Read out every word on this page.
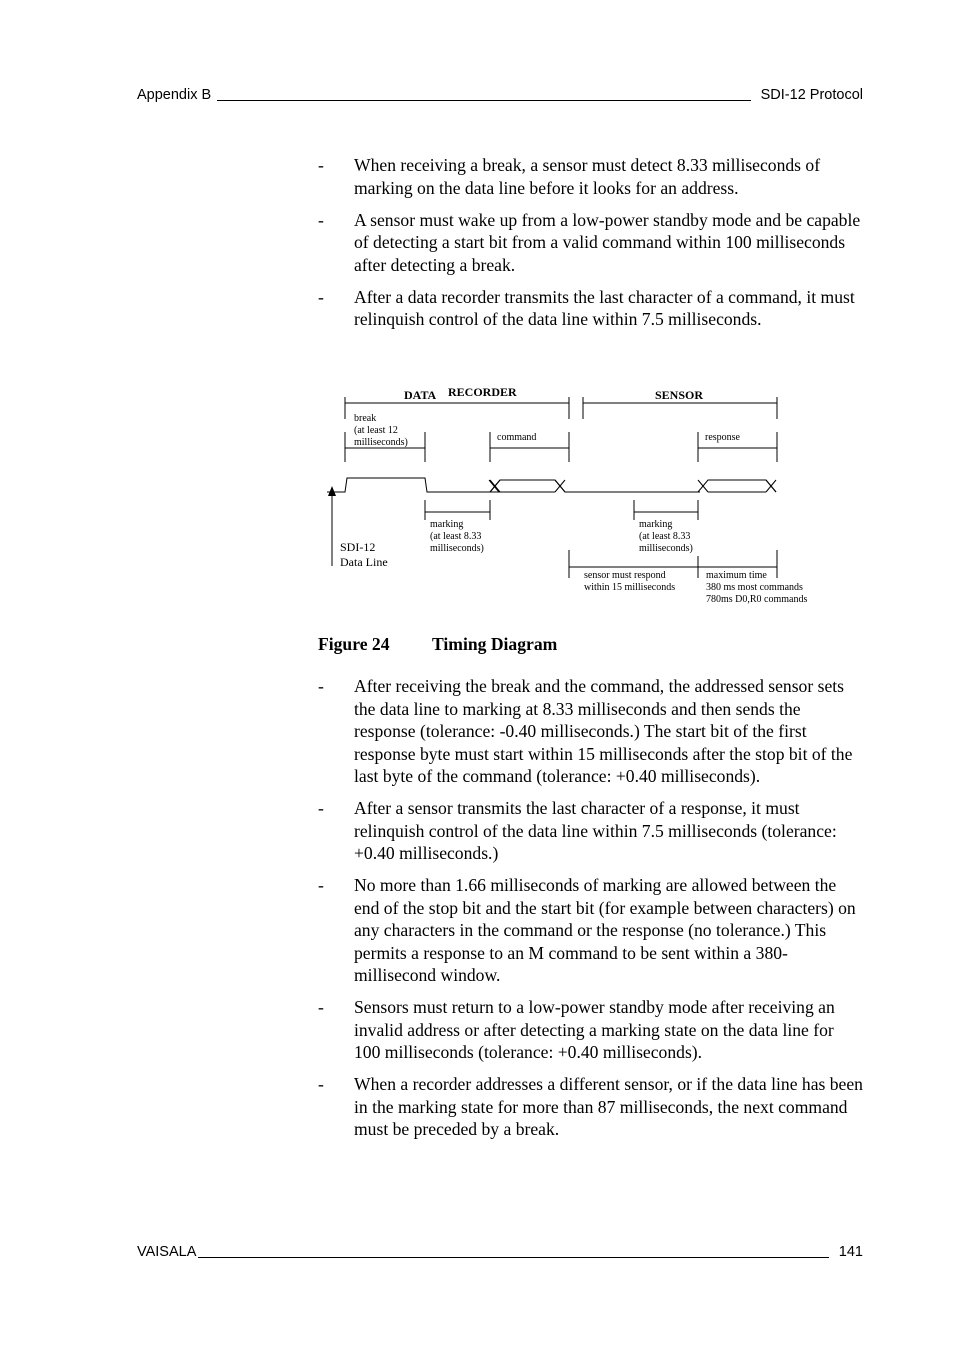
Appendix B	SDI-12 Protocol
-	When receiving a break, a sensor must detect 8.33 milliseconds of marking on the data line before it looks for an address.
-	A sensor must wake up from a low-power standby mode and be capable of detecting a start bit from a valid command within 100 milliseconds after detecting a break.
-	After a data recorder transmits the last character of a command, it must relinquish control of the data line within 7.5 milliseconds.
DATA RECORDER	SENSOR
break
(at least 12
milliseconds)	command	response
marking
(at least 8.33
milliseconds)
marking
(at least 8.33
milliseconds)
sensor must respond
within 15 milliseconds
maximum time
380 ms most commands
780ms D0,R0 commands
SDI-12
Data Line
Figure 24 Timing Diagram
-	After receiving the break and the command, the addressed sensor sets the data line to marking at 8.33 milliseconds and then sends the response (tolerance: -0.40 milliseconds.) The start bit of the first response byte must start within 15 milliseconds after the stop bit of the last byte of the command (tolerance: +0.40 milliseconds).
-	After a sensor transmits the last character of a response, it must relinquish control of the data line within 7.5 milliseconds (tolerance: +0.40 milliseconds.)
-	No more than 1.66 milliseconds of marking are allowed between the end of the stop bit and the start bit (for example between characters) on any characters in the command or the response (no tolerance.) This permits a response to an M command to be sent within a 380-millisecond window.
-	Sensors must return to a low-power standby mode after receiving an invalid address or after detecting a marking state on the data line for 100 milliseconds (tolerance: +0.40 milliseconds).
-	When a recorder addresses a different sensor, or if the data line has been in the marking state for more than 87 milliseconds, the next command must be preceded by a break.
VAISALA	141
